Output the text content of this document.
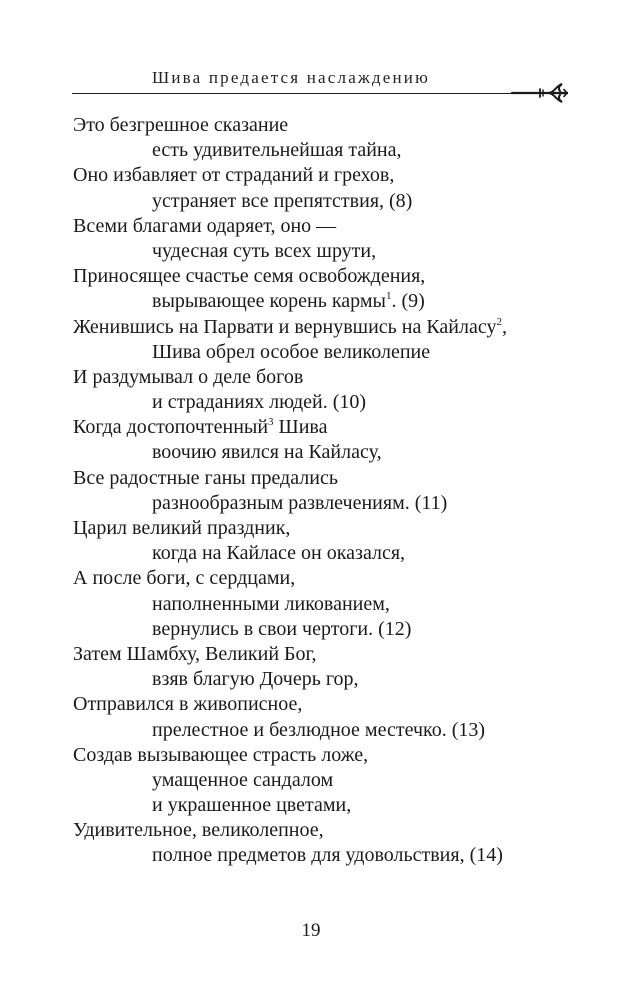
Шива предается наслаждению
Это безгрешное сказание
есть удивительнейшая тайна,
Оно избавляет от страданий и грехов,
устраняет все препятствия, (8)
Всеми благами одаряет, оно —
чудесная суть всех шрути,
Приносящее счастье семя освобождения,
вырывающее корень кармы$^1$. (9)
Женившись на Парвати и вернувшись на Кайласу$^2$,
Шива обрел особое великолепие
И раздумывал о деле богов
и страданиях людей. (10)
Когда достопочтенный$^3$ Шива
воочию явился на Кайласу,
Все радостные ганы предались
разнообразным развлечениям. (11)
Царил великий праздник,
когда на Кайласе он оказался,
А после боги, с сердцами,
наполненными ликованием,
вернулись в свои чертоги. (12)
Затем Шамбху, Великий Бог,
взяв благую Дочерь гор,
Отправился в живописное,
прелестное и безлюдное местечко. (13)
Создав вызывающее страсть ложе,
умащенное сандалом
и украшенное цветами,
Удивительное, великолепное,
полное предметов для удовольствия, (14)
19
